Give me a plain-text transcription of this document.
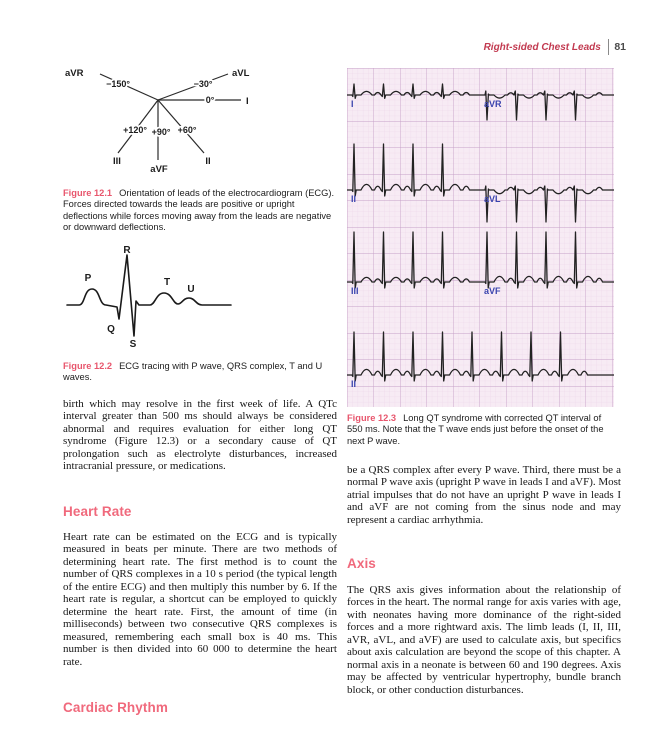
Right-sided Chest Leads 81
aVR	aVL
I
II
aVF
III
−150°	−30°
0°
+60°
+90°
+120°

Figure 12.1 Orientation of leads of the electrocardiogram (ECG). Forces directed towards the leads are positive or upright deflections while forces moving away from the leads are negative or downward deflections.

P
Q
R
S
T
U

Figure 12.2 ECG tracing with P wave, QRS complex, T and U waves.

birth which may resolve in the first week of life. A QTc interval greater than 500 ms should always be considered abnormal and requires evaluation for either long QT syndrome (Figure 12.3) or a secondary cause of QT prolongation such as electrolyte disturbances, increased intracranial pressure, or medications.
Heart Rate
Heart rate can be estimated on the ECG and is typically measured in beats per minute. There are two methods of determining heart rate. The first method is to count the number of QRS complexes in a 10 s period (the typical length of the entire ECG) and then multiply this number by 6. If the heart rate is regular, a shortcut can be employed to quickly determine the heart rate. First, the amount of time (in milliseconds) between two consecutive QRS complexes is measured, remembering each small box is 40 ms. This number is then divided into 60 000 to determine the heart rate.
Cardiac Rhythm
I	aVR
II	aVL
III	aVF
II

Figure 12.3 Long QT syndrome with corrected QT interval of 550 ms. Note that the T wave ends just before the onset of the next P wave.

be a QRS complex after every P wave. Third, there must be a normal P wave axis (upright P wave in leads I and aVF). Most atrial impulses that do not have an upright P wave in leads I and aVF are not coming from the sinus node and may represent a cardiac arrhythmia.
Axis
The QRS axis gives information about the relationship of forces in the heart. The normal range for axis varies with age, with neonates having more dominance of the right-sided forces and a more rightward axis. The limb leads (I, II, III, aVR, aVL, and aVF) are used to calculate axis, but specifics about axis calculation are beyond the scope of this chapter. A normal axis in a neonate is between 60 and 190 degrees. Axis may be affected by ventricular hypertrophy, bundle branch block, or other conduction disturbances.
